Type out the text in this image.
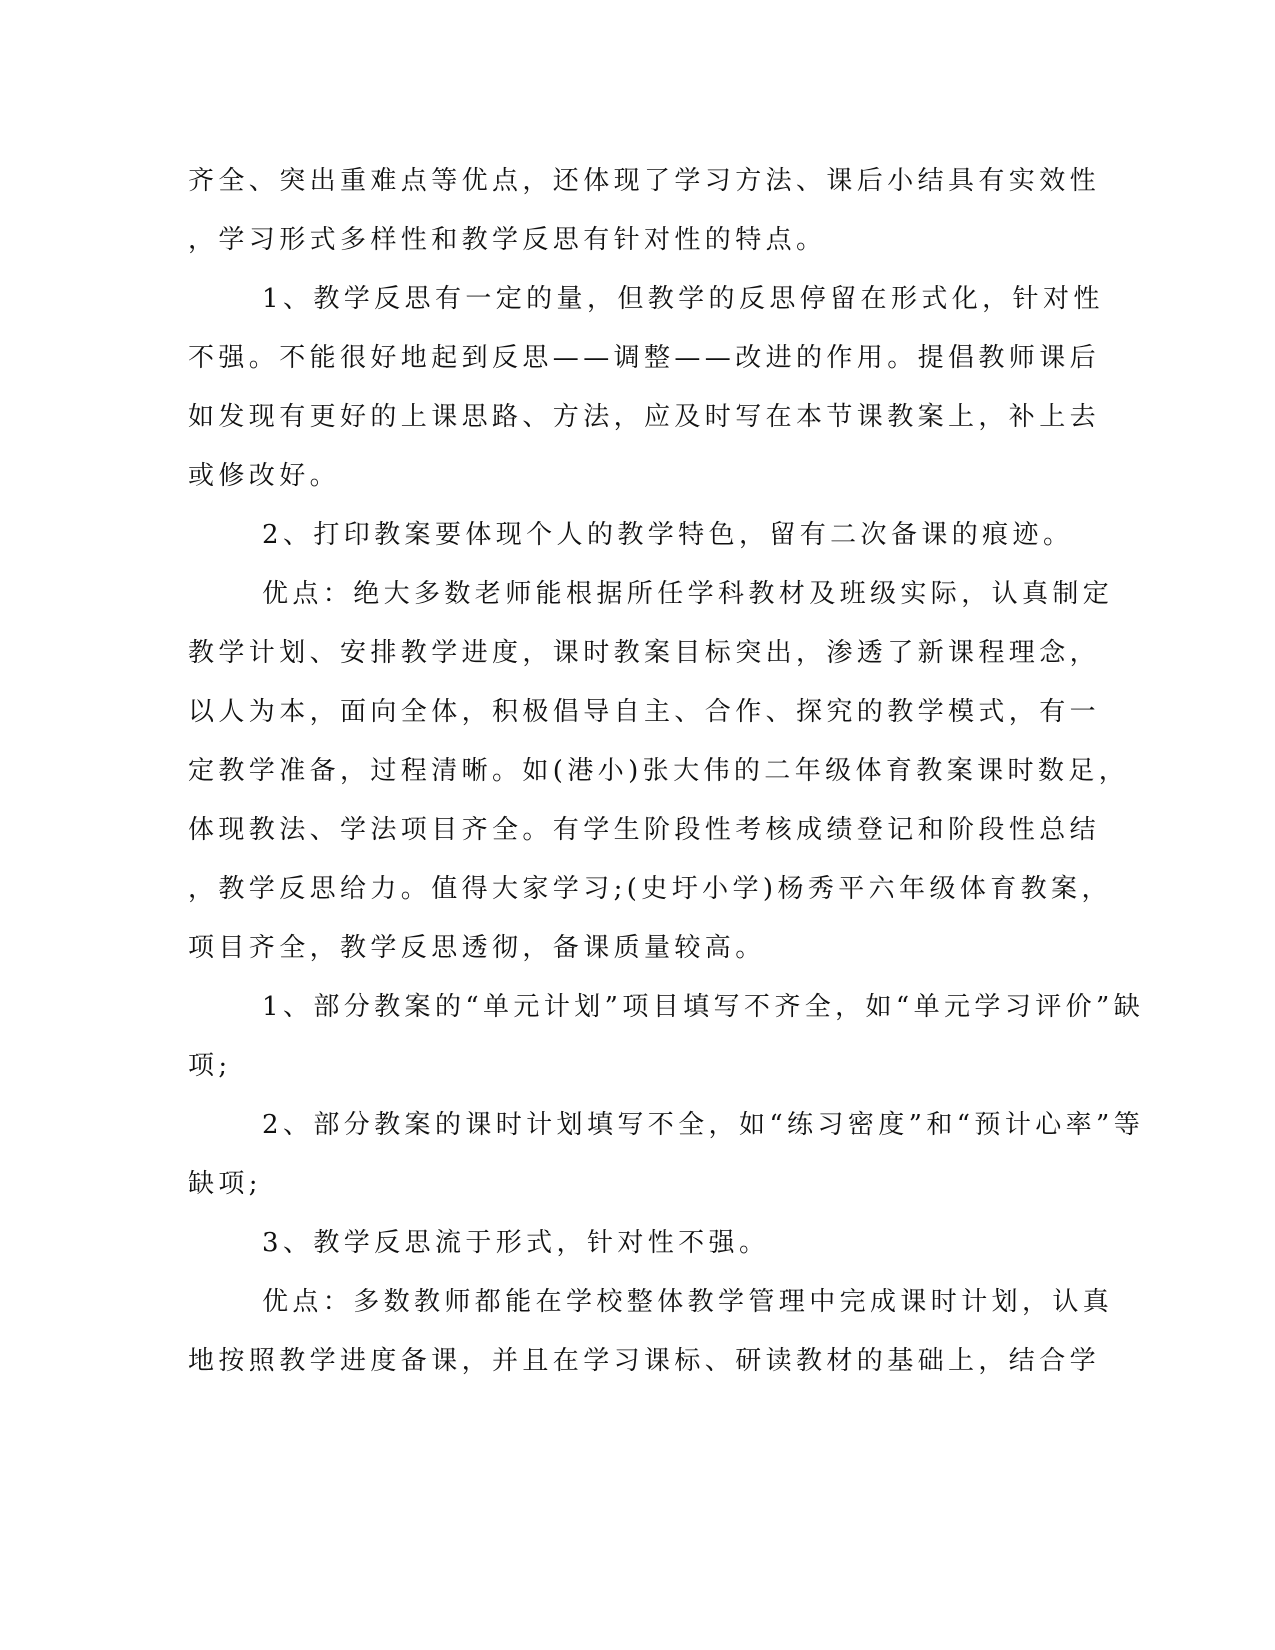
齐全、突出重难点等优点，还体现了学习方法、课后小结具有实效性
，学习形式多样性和教学反思有针对性的特点。
1、教学反思有一定的量，但教学的反思停留在形式化，针对性
不强。不能很好地起到反思——调整——改进的作用。提倡教师课后
如发现有更好的上课思路、方法，应及时写在本节课教案上，补上去
或修改好。
2、打印教案要体现个人的教学特色，留有二次备课的痕迹。
优点：绝大多数老师能根据所任学科教材及班级实际，认真制定
教学计划、安排教学进度，课时教案目标突出，渗透了新课程理念，
以人为本，面向全体，积极倡导自主、合作、探究的教学模式，有一
定教学准备，过程清晰。如(港小)张大伟的二年级体育教案课时数足，
体现教法、学法项目齐全。有学生阶段性考核成绩登记和阶段性总结
，教学反思给力。值得大家学习;(史圩小学)杨秀平六年级体育教案，
项目齐全，教学反思透彻，备课质量较高。
1、部分教案的“单元计划”项目填写不齐全，如“单元学习评价”缺
项;
2、部分教案的课时计划填写不全，如“练习密度”和“预计心率”等
缺项;
3、教学反思流于形式，针对性不强。
优点：多数教师都能在学校整体教学管理中完成课时计划，认真
地按照教学进度备课，并且在学习课标、研读教材的基础上，结合学
